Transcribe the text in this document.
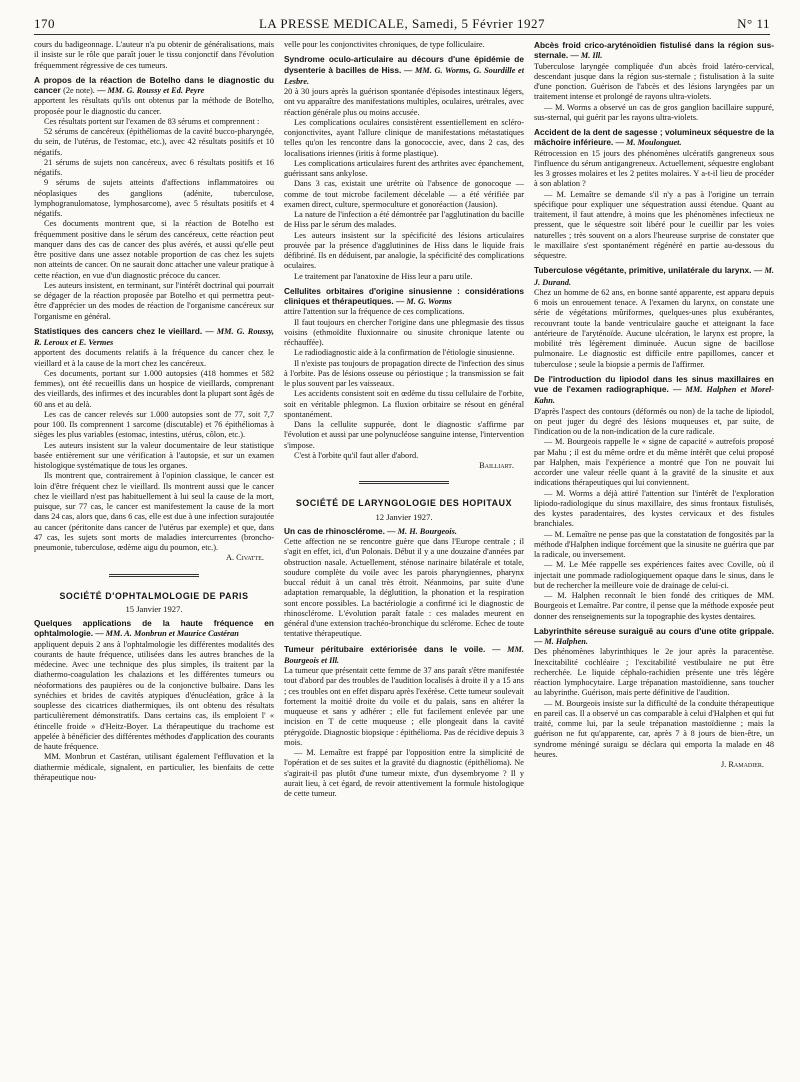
170	LA PRESSE MEDICALE, Samedi, 5 Février 1927	N° 11

cours du badigeonnage. L'auteur n'a pu obtenir de généralisations, mais il insiste sur le rôle que paraît jouer le tissu conjonctif dans l'évolution fréquemment régressive de ces tumeurs.

A propos de la réaction de Botelho dans le diagnostic du cancer (2e note). — MM. G. Roussy et Ed. Peyre

apportent les résultats qu'ils ont obtenus par la méthode de Botelho, proposée pour le diagnostic du cancer.

Ces résultats portent sur l'examen de 83 sérums et comprennent :

52 sérums de cancéreux (épithéliomas de la cavité bucco-pharyngée, du sein, de l'utérus, de l'estomac, etc.), avec 42 résultats positifs et 10 négatifs.

21 sérums de sujets non cancéreux, avec 6 résultats positifs et 16 négatifs.

9 sérums de sujets atteints d'affections inflammatoires ou néoplasiques des ganglions (adénite, tuberculose, lymphogranulomatose, lymphosarcome), avec 5 résultats positifs et 4 négatifs.

Ces documents montrent que, si la réaction de Botelho est fréquemment positive dans le sérum des cancéreux, cette réaction peut manquer dans des cas de cancer des plus avérés, et aussi qu'elle peut être positive dans une assez notable proportion de cas chez les sujets non atteints de cancer. On ne saurait donc attacher une valeur pratique à cette réaction, en vue d'un diagnostic précoce du cancer.

Les auteurs insistent, en terminant, sur l'intérêt doctrinal qui pourrait se dégager de la réaction proposée par Botelho et qui permettra peut-être d'apprécier un des modes de réaction de l'organisme cancéreux sur l'organisme en général.

Statistiques des cancers chez le vieillard. — MM. G. Roussy, R. Leroux et E. Vermes

apportent des documents relatifs à la fréquence du cancer chez le vieillard et à la cause de la mort chez les cancéreux.

Ces documents, portant sur 1.000 autopsies (418 hommes et 582 femmes), ont été recueillis dans un hospice de vieillards, comprenant des vieillards, des infirmes et des incurables dont la plupart sont âgés de 60 ans et au delà.

Les cas de cancer relevés sur 1.000 autopsies sont de 77, soit 7,7 pour 100. Ils comprennent 1 sarcome (discutable) et 76 épithéliomas à sièges les plus variables (estomac, intestins, utérus, côlon, etc.).

Les auteurs insistent sur la valeur documentaire de leur statistique basée entièrement sur une vérification à l'autopsie, et sur un examen histologique systématique de tous les organes.

Ils montrent que, contrairement à l'opinion classique, le cancer est loin d'être fréquent chez le vieillard. Ils montrent aussi que le cancer chez le vieillard n'est pas habituellement à lui seul la cause de la mort, puisque, sur 77 cas, le cancer est manifestement la cause de la mort dans 24 cas, alors que, dans 6 cas, elle est due à une infection surajoutée au cancer (péritonite dans cancer de l'utérus par exemple) et que, dans 47 cas, les sujets sont morts de maladies intercurrentes (broncho-pneumonie, tuberculose, œdème aigu du poumon, etc.).

A. Civatte.

SOCIÉTÉ D'OPHTALMOLOGIE DE PARIS
15 Janvier 1927.
Quelques applications de la haute fréquence en ophtalmologie. — MM. A. Monbrun et Maurice Castéran

appliquent depuis 2 ans à l'ophtalmologie les différentes modalités des courants de haute fréquence, utilisées dans les autres branches de la médecine. Avec une technique des plus simples, ils traitent par la diathermo-coagulation les chalazions et les différentes tumeurs ou néoformations des paupières ou de la conjonctive bulbaire. Dans les synéchies et brides de cavités atypiques d'énucléation, grâce à la souplesse des cicatrices diathermiques, ils ont obtenu des résultats particulièrement démonstratifs. Dans certains cas, ils emploient l' « étincelle froide » d'Heitz-Boyer. La thérapeutique du trachome est appelée à bénéficier des différentes méthodes d'application des courants de haute fréquence.

MM. Monbrun et Castéran, utilisant également l'effluvation et la diathermie médicale, signalent, en particulier, les bienfaits de cette thérapeutique nou-

velle pour les conjonctivites chroniques, de type folliculaire.

Syndrome oculo-articulaire au décours d'une épidémie de dysenterie à bacilles de Hiss. — MM. G. Worms, G. Sourdille et Lesbre.

20 à 30 jours après la guérison spontanée d'épisodes intestinaux légers, ont vu apparaître des manifestations multiples, oculaires, urétrales, avec réaction générale plus ou moins accusée.

Les complications oculaires consistèrent essentiellement en scléro-conjonctivites, ayant l'allure clinique de manifestations métastatiques telles qu'on les rencontre dans la gonococcie, avec, dans 2 cas, des localisations iriennes (iritis à forme plastique).

Les complications articulaires furent des arthrites avec épanchement, guérissant sans ankylose.

Dans 3 cas, existait une urétrite où l'absence de gonocoque — comme de tout microbe facilement décelable — a été vérifiée par examen direct, culture, spermoculture et gonoréaction (Jausion).

La nature de l'infection a été démontrée par l'agglutination du bacille de Hiss par le sérum des malades.

Les auteurs insistent sur la spécificité des lésions articulaires prouvée par la présence d'agglutinines de Hiss dans le liquide frais défibriné. Ils en déduisent, par analogie, la spécificité des complications oculaires.

Le traitement par l'anatoxine de Hiss leur a paru utile.

Cellulites orbitaires d'origine sinusienne : considérations cliniques et thérapeutiques. — M. G. Worms

attire l'attention sur la fréquence de ces complications.

Il faut toujours en chercher l'origine dans une phlegmasie des tissus voisins (ethmoïdite fluxionnaire ou sinusite chronique latente ou réchauffée).

Le radiodiagnostic aide à la confirmation de l'étiologie sinusienne.

Il n'existe pas toujours de propagation directe de l'infection des sinus à l'orbite. Pas de lésions osseuse ou périostique ; la transmission se fait le plus souvent par les vaisseaux.

Les accidents consistent soit en œdème du tissu cellulaire de l'orbite, soit en véritable phlegmon. La fluxion orbitaire se résout en général spontanément.

Dans la cellulite suppurée, dont le diagnostic s'affirme par l'évolution et aussi par une polynucléose sanguine intense, l'intervention s'impose.

C'est à l'orbite qu'il faut aller d'abord.

Bailliart.

SOCIÉTÉ DE LARYNGOLOGIE DES HOPITAUX
12 Janvier 1927.
Un cas de rhinosclérome. — M. H. Bourgeois.

Cette affection ne se rencontre guère que dans l'Europe centrale ; il s'agit en effet, ici, d'un Polonais. Début il y a une douzaine d'années par obstruction nasale. Actuellement, sténose narinaire bilatérale et totale, soudure complète du voile avec les parois pharyngiennes, pharynx buccal réduit à un canal très étroit. Néanmoins, par suite d'une adaptation remarquable, la déglutition, la phonation et la respiration sont encore possibles. La bactériologie a confirmé ici le diagnostic de rhinosclérome. L'évolution paraît fatale : ces malades meurent en général d'une extension trachéo-bronchique du sclérome. Echec de toute tentative thérapeutique.

Tumeur péritubaire extériorisée dans le voile. — MM. Bourgeois et Ill.

La tumeur que présentait cette femme de 37 ans paraît s'être manifestée tout d'abord par des troubles de l'audition localisés à droite il y a 15 ans ; ces troubles ont en effet disparu après l'exérèse. Cette tumeur soulevait fortement la moitié droite du voile et du palais, sans en altérer la muqueuse et sans y adhérer ; elle fut facilement enlevée par une incision en T de cette muqueuse ; elle plongeait dans la cavité ptérygoïde. Diagnostic biopsique : épithélioma. Pas de récidive depuis 3 mois.

— M. Lemaître est frappé par l'opposition entre la simplicité de l'opération et de ses suites et la gravité du diagnostic (épithélioma). Ne s'agirait-il pas plutôt d'une tumeur mixte, d'un dysembryome ? Il y aurait lieu, à cet égard, de revoir attentivement la formule histologique de cette tumeur.

Abcès froid crico-aryténoïdien fistulisé dans la région sus-sternale. — M. Ill.

Tuberculose laryngée compliquée d'un abcès froid latéro-cervical, descendant jusque dans la région sus-sternale ; fistulisation à la suite d'une ponction. Guérison de l'abcès et des lésions laryngées par un traitement intense et prolongé de rayons ultra-violets.

— M. Worms a observé un cas de gros ganglion bacillaire suppuré, sus-sternal, qui guérit par les rayons ultra-violets.

Accident de la dent de sagesse ; volumineux séquestre de la mâchoire inférieure. — M. Moulonguet.

Rétrocession en 15 jours des phénomènes ulcératifs gangreneux sous l'influence du sérum antigangreneux. Actuellement, séquestre englobant les 3 grosses molaires et les 2 petites molaires. Y a-t-il lieu de procéder à son ablation ?

— M. Lemaître se demande s'il n'y a pas à l'origine un terrain spécifique pour expliquer une séquestration aussi étendue. Quant au traitement, il faut attendre, à moins que les phénomènes infectieux ne pressent, que le séquestre soit libéré pour le cueillir par les voies naturelles ; très souvent on a alors l'heureuse surprise de constater que le maxillaire s'est spontanément régénéré en partie au-dessous du séquestre.

Tuberculose végétante, primitive, unilatérale du larynx. — M. J. Durand.

Chez un homme de 62 ans, en bonne santé apparente, est apparu depuis 6 mois un enrouement tenace. A l'examen du larynx, on constate une série de végétations mûriformes, quelques-unes plus exubérantes, recouvrant toute la bande ventriculaire gauche et atteignant la face antérieure de l'aryténoïde. Aucune ulcération, le larynx est propre, la mobilité très légèrement diminuée. Aucun signe de bacillose pulmonaire. Le diagnostic est difficile entre papillomes, cancer et tuberculose ; seule la biopsie a permis de l'affirmer.

De l'introduction du lipiodol dans les sinus maxillaires en vue de l'examen radiographique. — MM. Halphen et Morel-Kahn.

D'après l'aspect des contours (déformés ou non) de la tache de lipiodol, on peut juger du degré des lésions muqueuses et, par suite, de l'indication ou de la non-indication de la cure radicale.

— M. Bourgeois rappelle le « signe de capacité » autrefois proposé par Mahu ; il est du même ordre et du même intérêt que celui proposé par Halphen, mais l'expérience a montré que l'on ne pouvait lui accorder une valeur réelle quant à la gravité de la sinusite et aux indications thérapeutiques qui lui conviennent.

— M. Worms a déjà attiré l'attention sur l'intérêt de l'exploration lipiodo-radiologique du sinus maxillaire, des sinus frontaux fistulisés, des kystes paradentaires, des kystes cervicaux et des fistules branchiales.

— M. Lemaître ne pense pas que la constatation de fongosités par la méthode d'Halphen indique forcément que la sinusite ne guérira que par la radicale, ou inversement.

— M. Le Mée rappelle ses expériences faites avec Coville, où il injectait une pommade radiologiquement opaque dans le sinus, dans le but de rechercher la meilleure voie de drainage de celui-ci.

— M. Halphen reconnaît le bien fondé des critiques de MM. Bourgeois et Lemaître. Par contre, il pense que la méthode exposée peut donner des renseignements sur la topographie des kystes dentaires.

Labyrinthite séreuse suraiguë au cours d'une otite grippale. — M. Halphen.

Des phénomènes labyrinthiques le 2e jour après la paracentèse. Inexcitabilité cochléaire ; l'excitabilité vestibulaire ne put être recherchée. Le liquide céphalo-rachidien présente une très légère réaction lymphocytaire. Large trépanation mastoïdienne, sans toucher au labyrinthe. Guérison, mais perte définitive de l'audition.

— M. Bourgeois insiste sur la difficulté de la conduite thérapeutique en pareil cas. Il a observé un cas comparable à celui d'Halphen et qui fut traité, comme lui, par la seule trépanation mastoïdienne ; mais la guérison ne fut qu'apparente, car, après 7 à 8 jours de bien-être, un syndrome méningé suraigu se déclara qui emporta la malade en 48 heures.

J. Ramadier.
